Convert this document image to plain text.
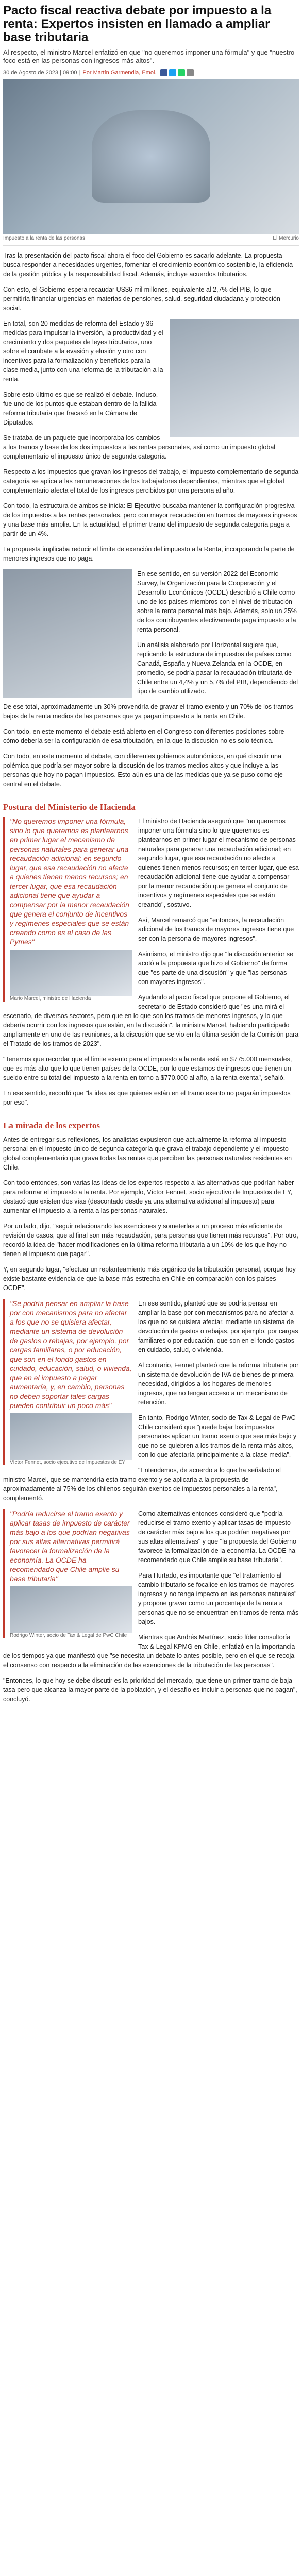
Pacto fiscal reactiva debate por impuesto a la renta: Expertos insisten en llamado a ampliar base tributaria
Al respecto, el ministro Marcel enfatizó en que "no queremos imponer una fórmula" y que "nuestro foco está en las personas con ingresos más altos".
30 de Agosto de 2023 | 09:00 | Por Martín Garmendia, Emol.
Impuesto a la renta de las personas	El Mercurio

Tras la presentación del pacto fiscal ahora el foco del Gobierno es sacarlo adelante. La propuesta busca responder a necesidades urgentes, fomentar el crecimiento económico sostenible, la eficiencia de la gestión pública y la responsabilidad fiscal. Además, incluye acuerdos tributarios.

Con esto, el Gobierno espera recaudar US$6 mil millones, equivalente al 2,7% del PIB, lo que permitiría financiar urgencias en materias de pensiones, salud, seguridad ciudadana y protección social.

En total, son 20 medidas de reforma del Estado y 36 medidas para impulsar la inversión, la productividad y el crecimiento y dos paquetes de leyes tributarios, uno sobre el combate a la evasión y elusión y otro con incentivos para la formalización y beneficios para la clase media, junto con una reforma de la tributación a la renta.

Sobre esto último es que se realizó el debate. Incluso, fue uno de los puntos que estaban dentro de la fallida reforma tributaria que fracasó en la Cámara de Diputados.

Se trataba de un paquete que incorporaba los cambios a los tramos y base de los dos impuestos a las rentas personales, así como un impuesto global complementario el impuesto único de segunda categoría.

Respecto a los impuestos que gravan los ingresos del trabajo, el impuesto complementario de segunda categoría se aplica a las remuneraciones de los trabajadores dependientes, mientras que el global complementario afecta el total de los ingresos percibidos por una persona al año.

Con todo, la estructura de ambos se inicia: El Ejecutivo buscaba mantener la configuración progresiva de los impuestos a las rentas personales, pero con mayor recaudación en tramos de mayores ingresos y una base más amplia. En la actualidad, el primer tramo del impuesto de segunda categoría paga a partir de un 4%.

La propuesta implicaba reducir el límite de exención del impuesto a la Renta, incorporando la parte de menores ingresos que no paga.

En ese sentido, en su versión 2022 del Economic Survey, la Organización para la Cooperación y el Desarrollo Económicos (OCDE) describió a Chile como uno de los países miembros con el nivel de tributación sobre la renta personal más bajo. Además, solo un 25% de los contribuyentes efectivamente paga impuesto a la renta personal.

Un análisis elaborado por Horizontal sugiere que, replicando la estructura de impuestos de países como Canadá, España y Nueva Zelanda en la OCDE, en promedio, se podría pasar la recaudación tributaria de Chile entre un 4,4% y un 5,7% del PIB, dependiendo del tipo de cambio utilizado.

De ese total, aproximadamente un 30% provendría de gravar el tramo exento y un 70% de los tramos bajos de la renta medios de las personas que ya pagan impuesto a la renta en Chile.

Con todo, en este momento el debate está abierto en el Congreso con diferentes posiciones sobre cómo debería ser la configuración de esa tributación, en la que la discusión no es solo técnica.

Con todo, en este momento el debate, con diferentes gobiernos autonómicos, en qué discutir una polémica que podría ser mayor sobre la discusión de los tramos medios altos y que incluye a las personas que hoy no pagan impuestos. Esto aún es una de las medidas que ya se puso como eje central en el debate.

Postura del Ministerio de Hacienda

"No queremos imponer una fórmula, sino lo que queremos es plantearnos en primer lugar el mecanismo de personas naturales para generar una recaudación adicional; en segundo lugar, que esa recaudación no afecte a quienes tienen menos recursos; en tercer lugar, que esa recaudación adicional tiene que ayudar a compensar por la menor recaudación que genera el conjunto de incentivos y regímenes especiales que se están creando como es el caso de las Pymes"

Mario Marcel, ministro de Hacienda

El ministro de Hacienda aseguró que "no queremos imponer una fórmula sino lo que queremos es plantearnos en primer lugar el mecanismo de personas naturales para generar una recaudación adicional; en segundo lugar, que esa recaudación no afecte a quienes tienen menos recursos; en tercer lugar, que esa recaudación adicional tiene que ayudar a compensar por la menor recaudación que genera el conjunto de incentivos y regímenes especiales que se están creando", sostuvo.

Así, Marcel remarcó que "entonces, la recaudación adicional de los tramos de mayores ingresos tiene que ser con la persona de mayores ingresos".

Asimismo, el ministro dijo que "la discusión anterior se acotó a la propuesta que hizo el Gobierno" de forma que "es parte de una discusión" y que "las personas con mayores ingresos".

Ayudando al pacto fiscal que propone el Gobierno, el secretario de Estado consideró que "es una mirá el escenario, de diversos sectores, pero que en lo que son los tramos de menores ingresos, y lo que debería ocurrir con los ingresos que están, en la discusión", la ministra Marcel, habiendo participado ampliamente en uno de las reuniones, a la discusión que se vio en la última sesión de la Comisión para el Tratado de los tramos de 2023".

"Tenemos que recordar que el límite exento para el impuesto a la renta está en $775.000 mensuales, que es más alto que lo que tienen países de la OCDE, por lo que estamos de ingresos que tienen un sueldo entre su total del impuesto a la renta en torno a $770.000 al año, a la renta exenta", señaló.

En ese sentido, recordó que "la idea es que quienes están en el tramo exento no pagarán impuestos por eso".

La mirada de los expertos

Antes de entregar sus reflexiones, los analistas expusieron que actualmente la reforma al impuesto personal en el impuesto único de segunda categoría que grava el trabajo dependiente y el impuesto global complementario que grava todas las rentas que perciben las personas naturales residentes en Chile.

Con todo entonces, son varias las ideas de los expertos respecto a las alternativas que podrían haber para reformar el impuesto a la renta. Por ejemplo, Víctor Fennet, socio ejecutivo de Impuestos de EY, destacó que existen dos vías (descontado desde ya una alternativa adicional al impuesto) para aumentar el impuesto a la renta a las personas naturales.

Por un lado, dijo, "seguir relacionando las exenciones y someterlas a un proceso más eficiente de revisión de casos, que al final son más recaudación, para personas que tienen más recursos". Por otro, recordó la idea de "hacer modificaciones en la última reforma tributaria a un 10% de los que hoy no tienen el impuesto que pagar".

Y, en segundo lugar, "efectuar un replanteamiento más orgánico de la tributación personal, porque hoy existe bastante evidencia de que la base más estrecha en Chile en comparación con los países OCDE".

"Se podría pensar en ampliar la base por con mecanismos para no afectar a los que no se quisiera afectar, mediante un sistema de devolución de gastos o rebajas, por ejemplo, por cargas familiares, o por educación, que son en el fondo gastos en cuidado, educación, salud, o vivienda, que en el impuesto a pagar aumentaría, y, en cambio, personas no deben soportar tales cargas pueden contribuir un poco más"

Víctor Fennet, socio ejecutivo de Impuestos de EY

En ese sentido, planteó que se podría pensar en ampliar la base por con mecanismos para no afectar a los que no se quisiera afectar, mediante un sistema de devolución de gastos o rebajas, por ejemplo, por cargas familiares o por educación, que son en el fondo gastos en cuidado, salud, o vivienda.

Al contrario, Fennet planteó que la reforma tributaria por un sistema de devolución de IVA de bienes de primera necesidad, dirigidos a los hogares de menores ingresos, que no tengan acceso a un mecanismo de retención.

En tanto, Rodrigo Winter, socio de Tax & Legal de PwC Chile consideró que "puede bajar los impuestos personales aplicar un tramo exento que sea más bajo y que no se quiebren a los tramos de la renta más altos, con lo que afectaría principalmente a la clase media".

"Entendemos, de acuerdo a lo que ha señalado el ministro Marcel, que se mantendría esta tramo exento y se aplicaría a la propuesta de aproximadamente al 75% de los chilenos seguirán exentos de impuestos personales a la renta", complementó.

"Podría reducirse el tramo exento y aplicar tasas de impuesto de carácter más bajo a los que podrían negativas por sus altas alternativas permitirá favorecer la formalización de la economía. La OCDE ha recomendado que Chile amplie su base tributaria"

Rodrigo Winter, socio de Tax & Legal de PwC Chile

Como alternativas entonces consideró que "podría reducirse el tramo exento y aplicar tasas de impuesto de carácter más bajo a los que podrían negativas por sus altas alternativas" y que "la propuesta del Gobierno favorece la formalización de la economía. La OCDE ha recomendado que Chile amplie su base tributaria".

Para Hurtado, es importante que "el tratamiento al cambio tributario se focalice en los tramos de mayores ingresos y no tenga impacto en las personas naturales" y propone gravar como un porcentaje de la renta a personas que no se encuentran en tramos de renta más bajos.

Mientras que Andrés Martínez, socio líder consultoría Tax & Legal KPMG en Chile, enfatizó en la importancia de los tiempos ya que manifestó que "se necesita un debate lo antes posible, pero en el que se recoja el consenso con respecto a la eliminación de las exenciones de la tributación de las personas".

"Entonces, lo que hoy se debe discutir es la prioridad del mercado, que tiene un primer tramo de baja tasa pero que alcanza la mayor parte de la población, y el desafío es incluir a personas que no pagan", concluyó.
